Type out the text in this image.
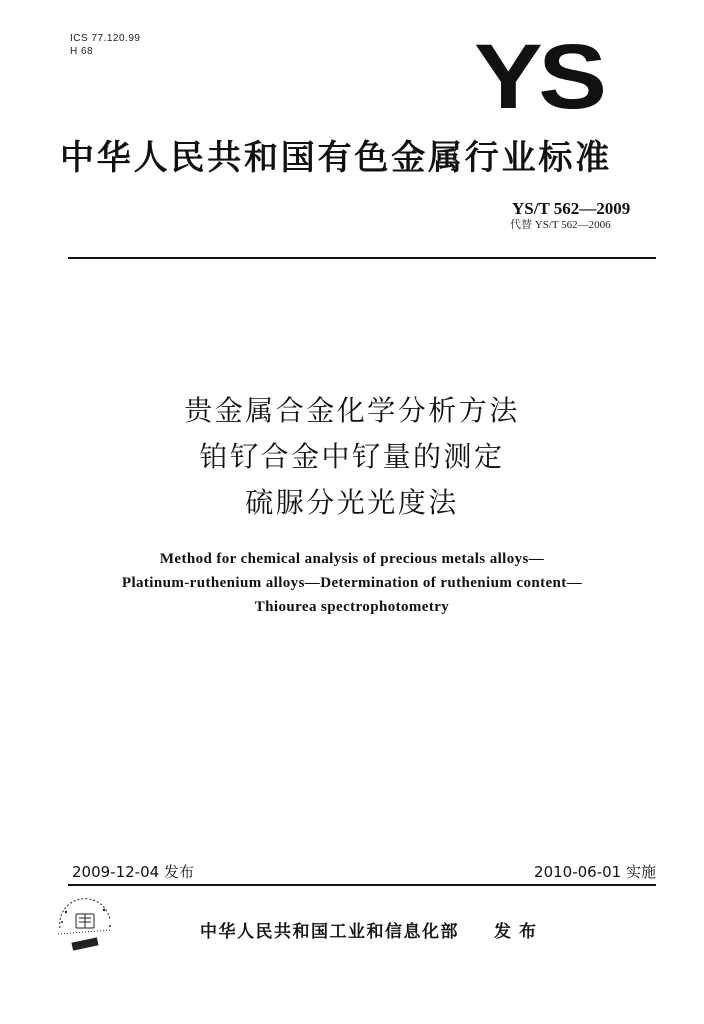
ICS 77.120.99
H 68	YS
中华人民共和国有色金属行业标准
YS/T 562—2009
代替 YS/T 562—2006
贵金属合金化学分析方法
铂钌合金中钌量的测定
硫脲分光光度法
Method for chemical analysis of precious metals alloys—
Platinum-ruthenium alloys—Determination of ruthenium content—
Thiourea spectrophotometry
2009-12-04 发布	2010-06-01 实施
中华人民共和国工业和信息化部 发布
